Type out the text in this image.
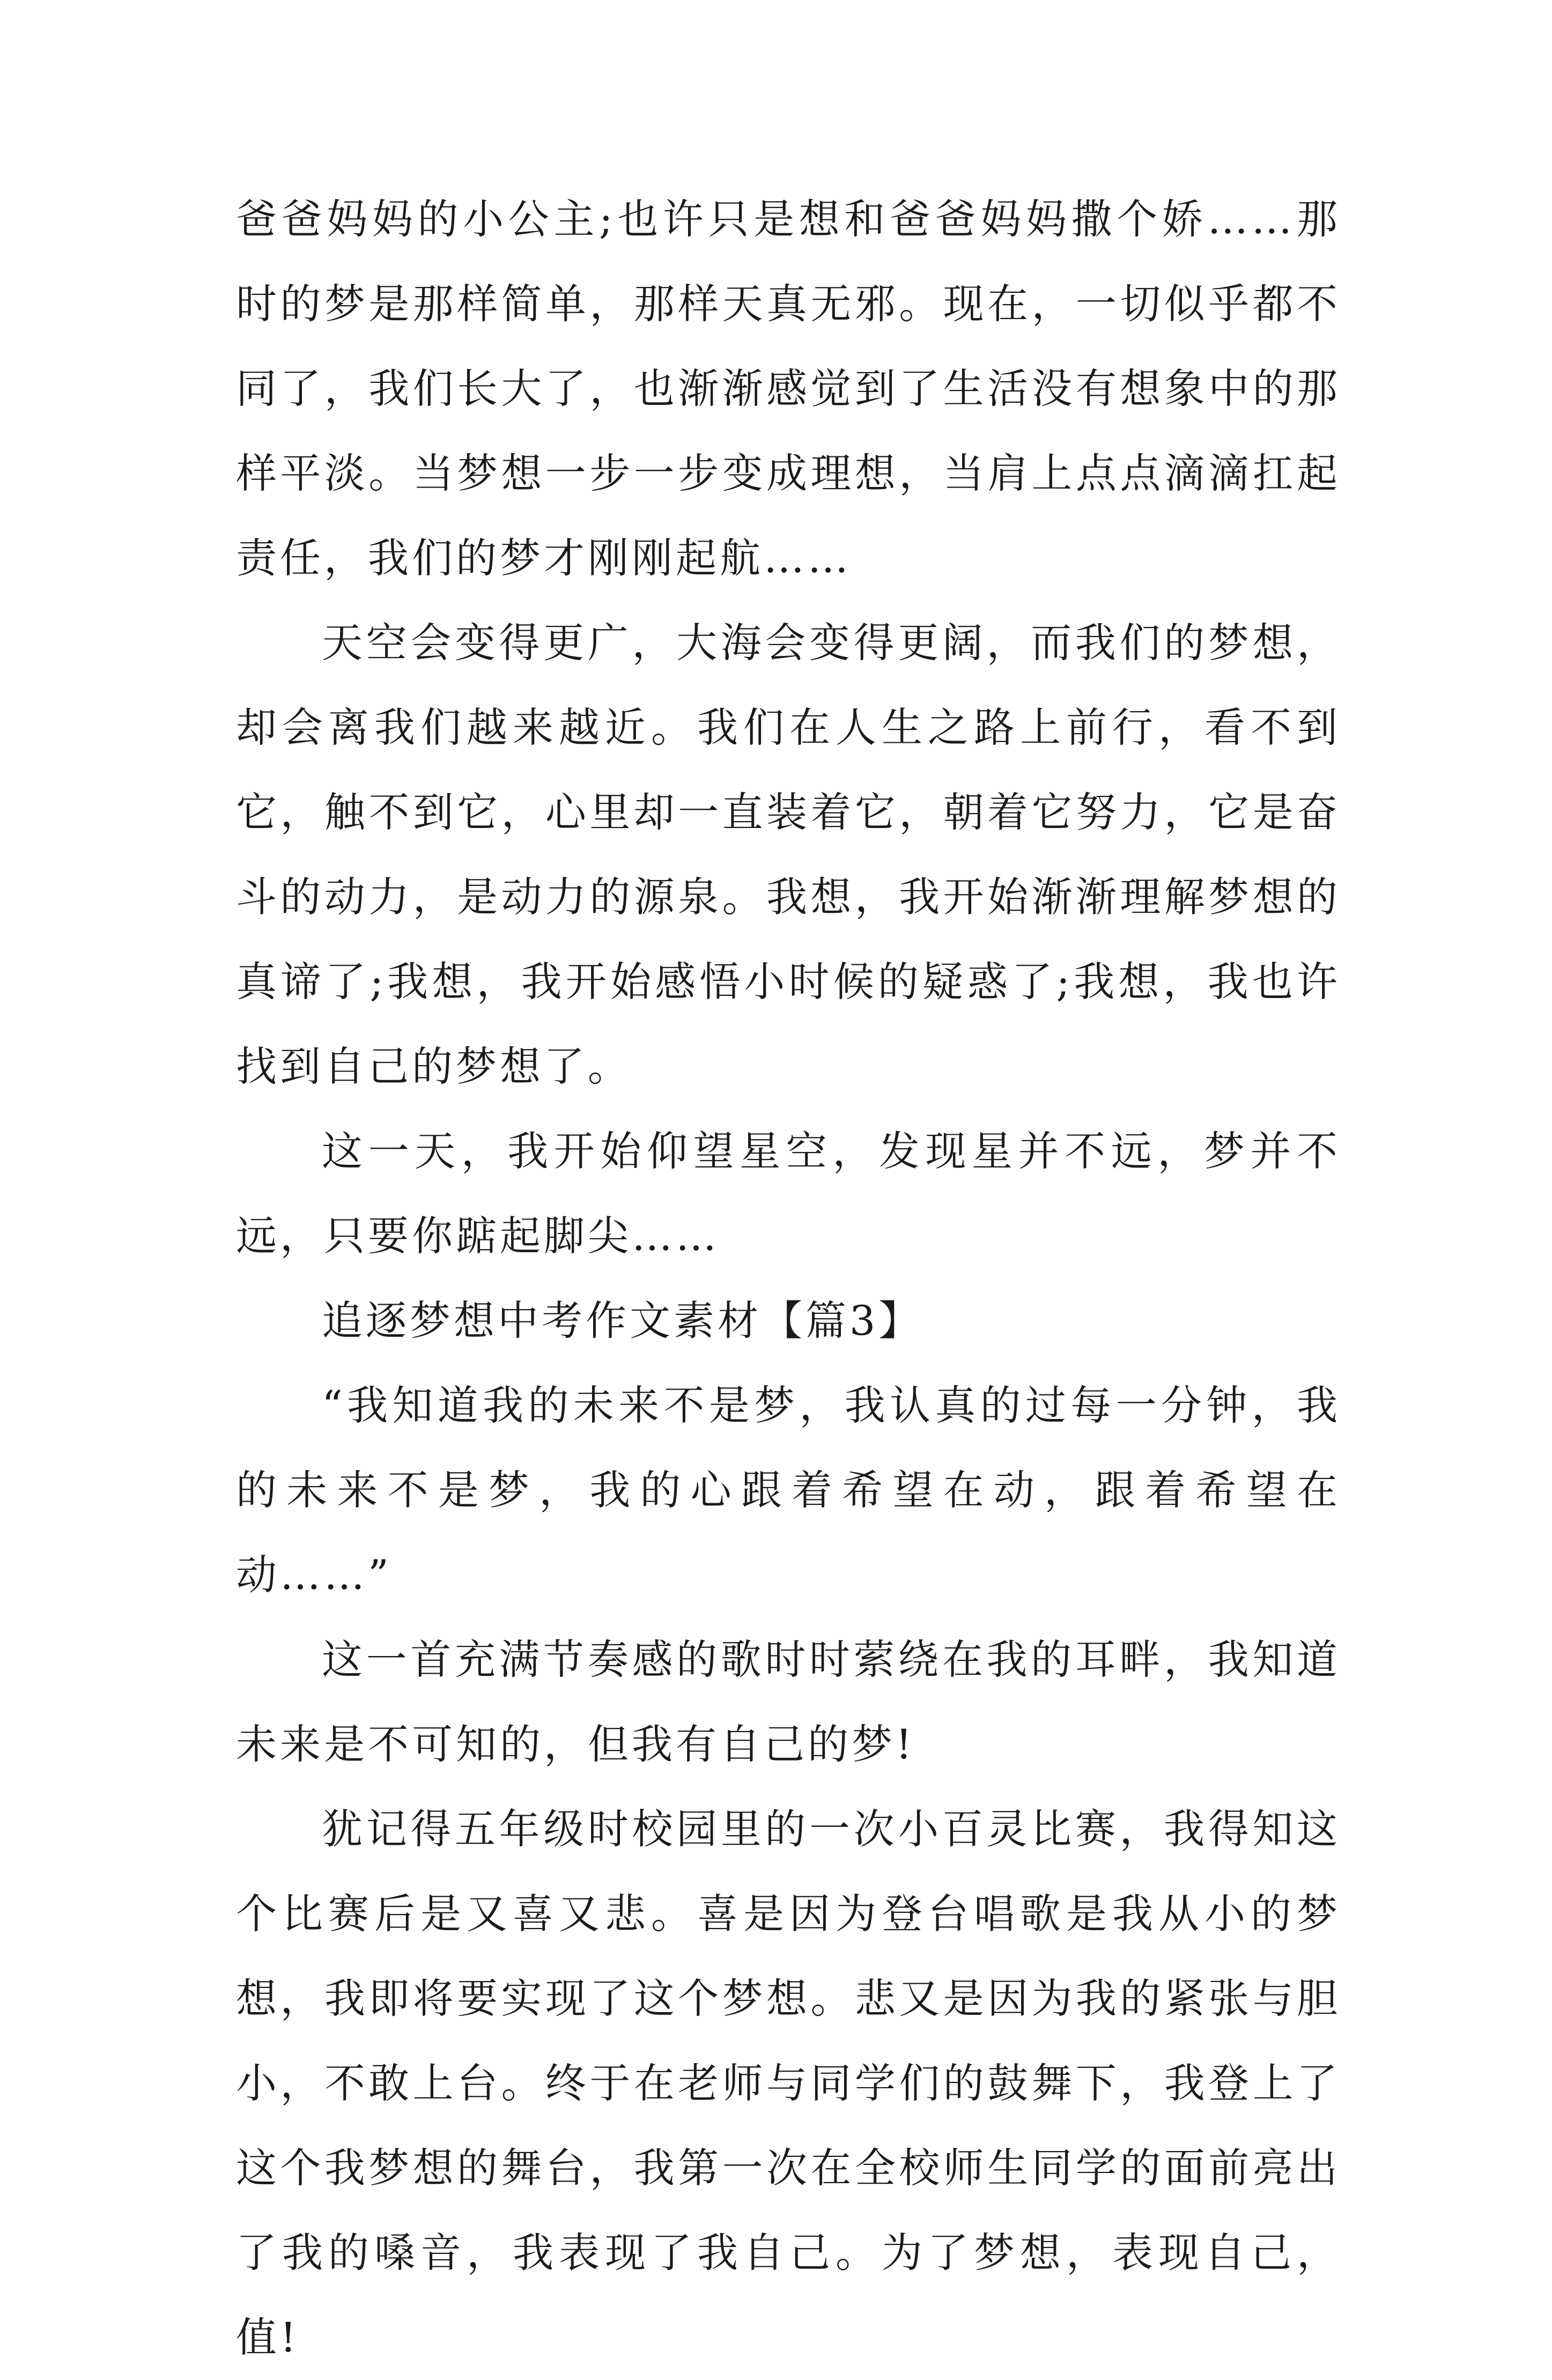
爸爸妈妈的小公主;也许只是想和爸爸妈妈撒个娇……那时的梦是那样简单，那样天真无邪。现在，一切似乎都不同了，我们长大了，也渐渐感觉到了生活没有想象中的那样平淡。当梦想一步一步变成理想，当肩上点点滴滴扛起责任，我们的梦才刚刚起航……

天空会变得更广，大海会变得更阔，而我们的梦想，却会离我们越来越近。我们在人生之路上前行，看不到它，触不到它，心里却一直装着它，朝着它努力，它是奋斗的动力，是动力的源泉。我想，我开始渐渐理解梦想的真谛了;我想，我开始感悟小时候的疑惑了;我想，我也许找到自己的梦想了。

这一天，我开始仰望星空，发现星并不远，梦并不远，只要你踮起脚尖……

追逐梦想中考作文素材【篇3】

“我知道我的未来不是梦，我认真的过每一分钟，我的未来不是梦，我的心跟着希望在动，跟着希望在动……”

这一首充满节奏感的歌时时萦绕在我的耳畔，我知道未来是不可知的，但我有自己的梦!

犹记得五年级时校园里的一次小百灵比赛，我得知这个比赛后是又喜又悲。喜是因为登台唱歌是我从小的梦想，我即将要实现了这个梦想。悲又是因为我的紧张与胆小，不敢上台。终于在老师与同学们的鼓舞下，我登上了这个我梦想的舞台，我第一次在全校师生同学的面前亮出了我的嗓音，我表现了我自己。为了梦想，表现自己，值!
